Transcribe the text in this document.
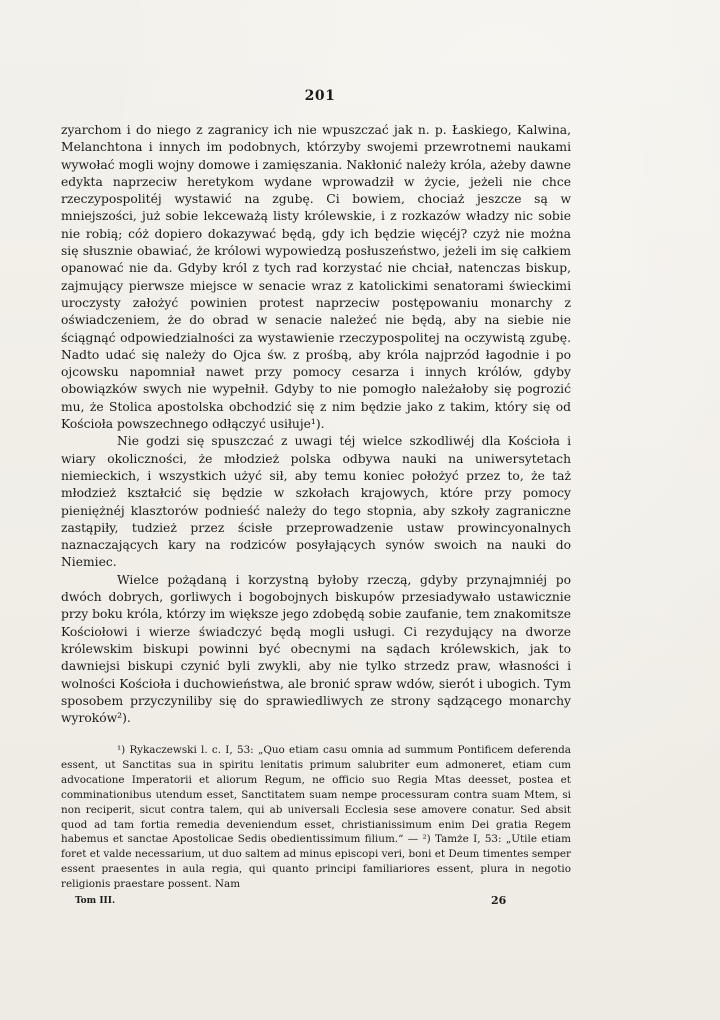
201

zyarchom i do niego z zagranicy ich nie wpuszczać jak n. p. Łaskiego, Kalwina, Melanchtona i innych im podobnych, którzyby swojemi przewrotnemi naukami wywołać mogli wojny domowe i zamięszania. Nakłonić należy króla, ażeby dawne edykta naprzeciw heretykom wydane wprowadził w życie, jeżeli nie chce rzeczypospolitéj wystawić na zgubę. Ci bowiem, chociaż jeszcze są w mniejszości, już sobie lekceważą listy królewskie, i z rozkazów władzy nic sobie nie robią; cóż dopiero dokazywać będą, gdy ich będzie więcéj? czyż nie można się słusznie obawiać, że królowi wypowiedzą posłuszeństwo, jeżeli im się całkiem opanować nie da. Gdyby król z tych rad korzystać nie chciał, natenczas biskup, zajmujący pierwsze miejsce w senacie wraz z katolickimi senatorami świeckimi uroczysty założyć powinien protest naprzeciw postępowaniu monarchy z oświadczeniem, że do obrad w senacie należeć nie będą, aby na siebie nie ściągnąć odpowiedzialności za wystawienie rzeczypospolitej na oczywistą zgubę. Nadto udać się należy do Ojca św. z prośbą, aby króla najprzód łagodnie i po ojcowsku napomniał nawet przy pomocy cesarza i innych królów, gdyby obowiązków swych nie wypełnił. Gdyby to nie pomogło należałoby się pogrozić mu, że Stolica apostolska obchodzić się z nim będzie jako z takim, który się od Kościoła powszechnego odłączyć usiłuje¹).

Nie godzi się spuszczać z uwagi téj wielce szkodliwéj dla Kościoła i wiary okoliczności, że młodzież polska odbywa nauki na uniwersytetach niemieckich, i wszystkich użyć sił, aby temu koniec położyć przez to, że taż młodzież kształcić się będzie w szkołach krajowych, które przy pomocy pieniężnéj klasztorów podnieść należy do tego stopnia, aby szkoły zagraniczne zastąpiły, tudzież przez ścisłe przeprowadzenie ustaw prowincyonalnych naznaczających kary na rodziców posyłających synów swoich na nauki do Niemiec.

Wielce pożądaną i korzystną byłoby rzeczą, gdyby przynajmniéj po dwóch dobrych, gorliwych i bogobojnych biskupów przesiadywało ustawicznie przy boku króla, którzy im większe jego zdobędą sobie zaufanie, tem znakomitsze Kościołowi i wierze świadczyć będą mogli usługi. Ci rezydujący na dworze królewskim biskupi powinni być obecnymi na sądach królewskich, jak to dawniejsi biskupi czynić byli zwykli, aby nie tylko strzedz praw, własności i wolności Kościoła i duchowieństwa, ale bronić spraw wdów, sierót i ubogich. Tym sposobem przyczyniliby się do sprawiedliwych ze strony sądzącego monarchy wyroków²).

¹) Rykaczewski l. c. I, 53: „Quo etiam casu omnia ad summum Pontificem deferenda essent, ut Sanctitas sua in spiritu lenitatis primum salubriter eum admoneret, etiam cum advocatione Imperatorii et aliorum Regum, ne officio suo Regia Mtas deesset, postea et comminationibus utendum esset, Sanctitatem suam nempe processuram contra suam Mtem, si non reciperit, sicut contra talem, qui ab universali Ecclesia sese amovere conatur. Sed absit quod ad tam fortia remedia deveniendum esset, christianissimum enim Dei gratia Regem habemus et sanctae Apostolicae Sedis obedientissimum filium.“ — ²) Tamże I, 53: „Utile etiam foret et valde necessarium, ut duo saltem ad minus episcopi veri, boni et Deum timentes semper essent praesentes in aula regia, qui quanto principi familiariores essent, plura in negotio religionis praestare possent. Nam

Tom III.	26
